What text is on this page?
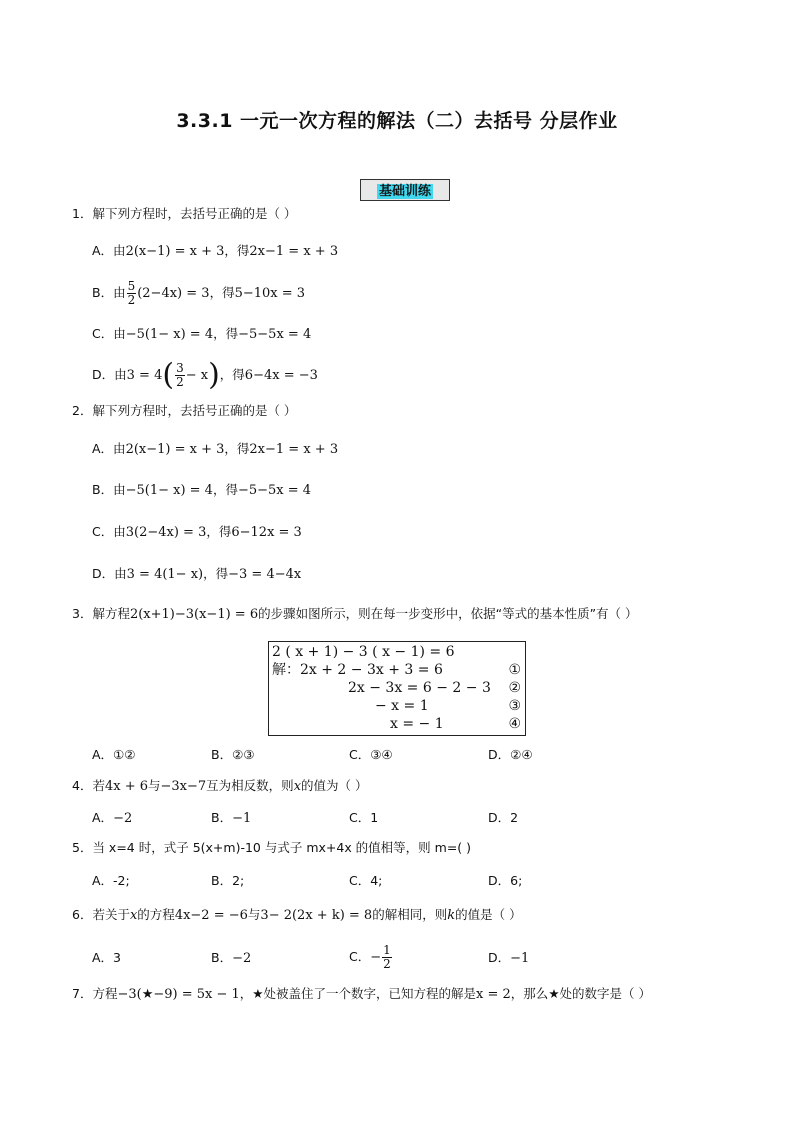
3.3.1 一元一次方程的解法（二）去括号 分层作业
基础训练
1．解下列方程时，去括号正确的是（ ）
A．由2(x−1) = x + 3，得2x−1 = x + 3
B．由 $\frac{5}{2} (2-4x) = 3$，得5−10x = 3
C．由−5(1− x) = 4，得−5−5x = 4
D．由$3 = 4( \frac{3}{2} - x)$，得6−4x = −3
2．解下列方程时，去括号正确的是（ ）
A．由2(x−1) = x + 3，得2x−1 = x + 3
B．由−5(1− x) = 4，得−5−5x = 4
C．由3(2−4x) = 3，得6−12x = 3
D．由3 = 4(1− x)，得−3 = 4−4x
3．解方程2(x+1)−3(x−1) = 6的步骤如图所示，则在每一步变形中，依据“等式的基本性质”有（ ）
2 ( x + 1) − 3 ( x − 1) = 6
解：2x + 2 − 3x + 3 = 6	①
2x − 3x = 6 − 2 − 3 ②
− x = 1	③
x = − 1	④
A．①②	B．②③	C．③④	D．②④
4．若4x + 6与−3x−7互为相反数，则x的值为（ ）
A．−2	B．−1	C．1	D．2
5．当 x=4 时，式子 5(x+m)-10 与式子 mx+4x 的值相等，则 m=( )
A．-2;	B．2;	C．4;	D．6;
6．若关于x的方程4x−2 = −6与3− 2(2x + k) = 8的解相同，则k的值是（ ）
A．3	B．−2	C．− $\frac{1}{2}$	D．−1
7．方程−3(★−9) = 5x − 1，★处被盖住了一个数字，已知方程的解是x = 2，那么★处的数字是（ ）
